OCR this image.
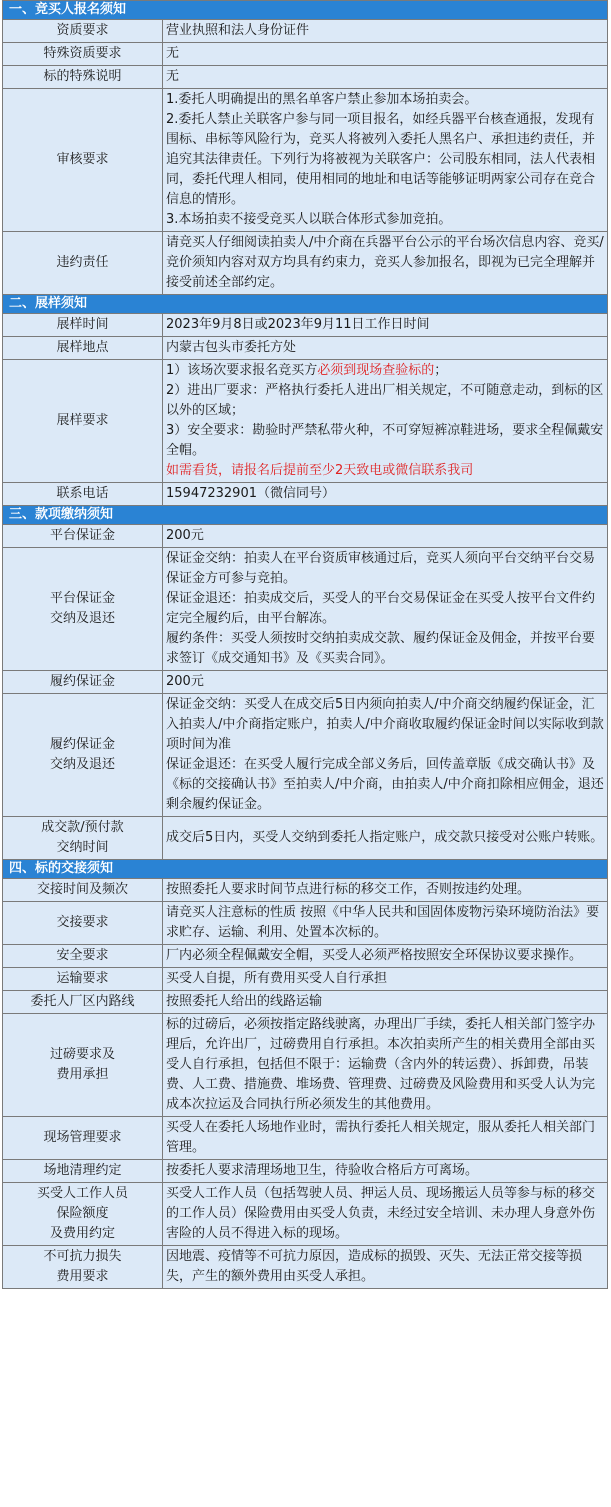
一、竞买人报名须知	
资质要求	营业执照和法人身份证件
特殊资质要求	无
标的特殊说明	无
审核要求	1.委托人明确提出的黑名单客户禁止参加本场拍卖会。
2.委托人禁止关联客户参与同一项目报名，如经兵器平台核查通报，发现有围标、串标等风险行为，竞买人将被列入委托人黑名户、承担违约责任，并追究其法律责任。下列行为将被视为关联客户：公司股东相同，法人代表相同，委托代理人相同，使用相同的地址和电话等能够证明两家公司存在竞合信息的情形。
3.本场拍卖不接受竞买人以联合体形式参加竞拍。

违约责任	请竞买人仔细阅读拍卖人/中介商在兵器平台公示的平台场次信息内容、竞买/竞价须知内容对双方均具有约束力，竞买人参加报名，即视为已完全理解并接受前述全部约定。
二、展样须知	
展样时间	2023年9月8日或2023年9月11日工作日时间
展样地点	内蒙古包头市委托方处
展样要求	1）该场次要求报名竞买方必须到现场查验标的；
2）进出厂要求：严格执行委托人进出厂相关规定，不可随意走动，到标的区以外的区域；
3）安全要求：勘验时严禁私带火种，不可穿短裤凉鞋进场，要求全程佩戴安全帽。
如需看货，请报名后提前至少2天致电或微信联系我司

联系电话	15947232901（微信同号）
三、款项缴纳须知	
平台保证金	200元

平台保证金
交纳及退还	保证金交纳：拍卖人在平台资质审核通过后，竞买人须向平台交纳平台交易保证金方可参与竞拍。
保证金退还：拍卖成交后，买受人的平台交易保证金在买受人按平台文件约定完全履约后，由平台解冻。
履约条件：买受人须按时交纳拍卖成交款、履约保证金及佣金，并按平台要求签订《成交通知书》及《买卖合同》。

履约保证金	200元

履约保证金
交纳及退还	保证金交纳：买受人在成交后5日内须向拍卖人/中介商交纳履约保证金，汇入拍卖人/中介商指定账户，拍卖人/中介商收取履约保证金时间以实际收到款项时间为准
保证金退还：在买受人履行完成全部义务后，回传盖章版《成交确认书》及《标的交接确认书》至拍卖人/中介商，由拍卖人/中介商扣除相应佣金，退还剩余履约保证金。

成交款/预付款
交纳时间	成交后5日内，买受人交纳到委托人指定账户，成交款只接受对公账户转账。
四、标的交接须知	
交接时间及频次	按照委托人要求时间节点进行标的移交工作，否则按违约处理。
交接要求	请竞买人注意标的性质 按照《中华人民共和国固体废物污染环境防治法》要求贮存、运输、利用、处置本次标的。
安全要求	厂内必须全程佩戴安全帽，买受人必须严格按照安全环保协议要求操作。
运输要求	买受人自提，所有费用买受人自行承担
委托人厂区内路线	按照委托人给出的线路运输

过磅要求及
费用承担	标的过磅后，必须按指定路线驶离，办理出厂手续，委托人相关部门签字办理后，允许出厂，过磅费用自行承担。本次拍卖所产生的相关费用全部由买受人自行承担，包括但不限于：运输费（含内外的转运费）、拆卸费，吊装费、人工费、措施费、堆场费、管理费、过磅费及风险费用和买受人认为完成本次拉运及合同执行所必须发生的其他费用。
现场管理要求	买受人在委托人场地作业时，需执行委托人相关规定，服从委托人相关部门管理。
场地清理约定	按委托人要求清理场地卫生，待验收合格后方可离场。

买受人工作人员
保险额度
及费用约定	买受人工作人员（包括驾驶人员、押运人员、现场搬运人员等参与标的移交的工作人员）保险费用由买受人负责，未经过安全培训、未办理人身意外伤害险的人员不得进入标的现场。

不可抗力损失
费用要求	因地震、疫情等不可抗力原因，造成标的损毁、灭失、无法正常交接等损失，产生的额外费用由买受人承担。
